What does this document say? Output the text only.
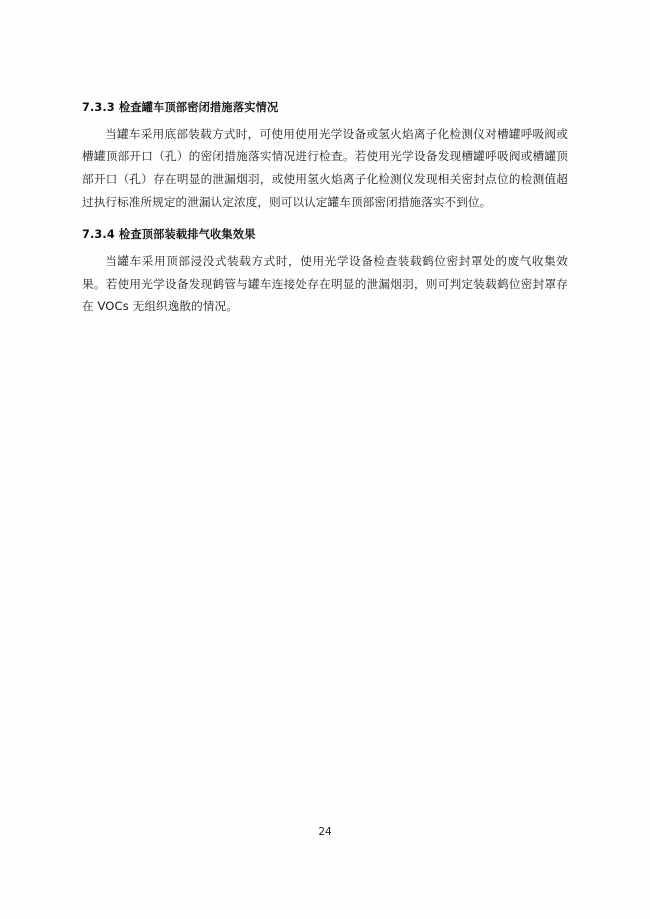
7.3.3 检查罐车顶部密闭措施落实情况

当罐车采用底部装载方式时，可使用使用光学设备或氢火焰离子化检测仪对槽罐呼吸阀或槽罐顶部开口（孔）的密闭措施落实情况进行检查。若使用光学设备发现槽罐呼吸阀或槽罐顶部开口（孔）存在明显的泄漏烟羽，或使用氢火焰离子化检测仪发现相关密封点位的检测值超过执行标准所规定的泄漏认定浓度，则可以认定罐车顶部密闭措施落实不到位。

7.3.4 检查顶部装载排气收集效果

当罐车采用顶部浸没式装载方式时，使用光学设备检查装载鹤位密封罩处的废气收集效果。若使用光学设备发现鹤管与罐车连接处存在明显的泄漏烟羽，则可判定装载鹤位密封罩存在 VOCs 无组织逸散的情况。

24
